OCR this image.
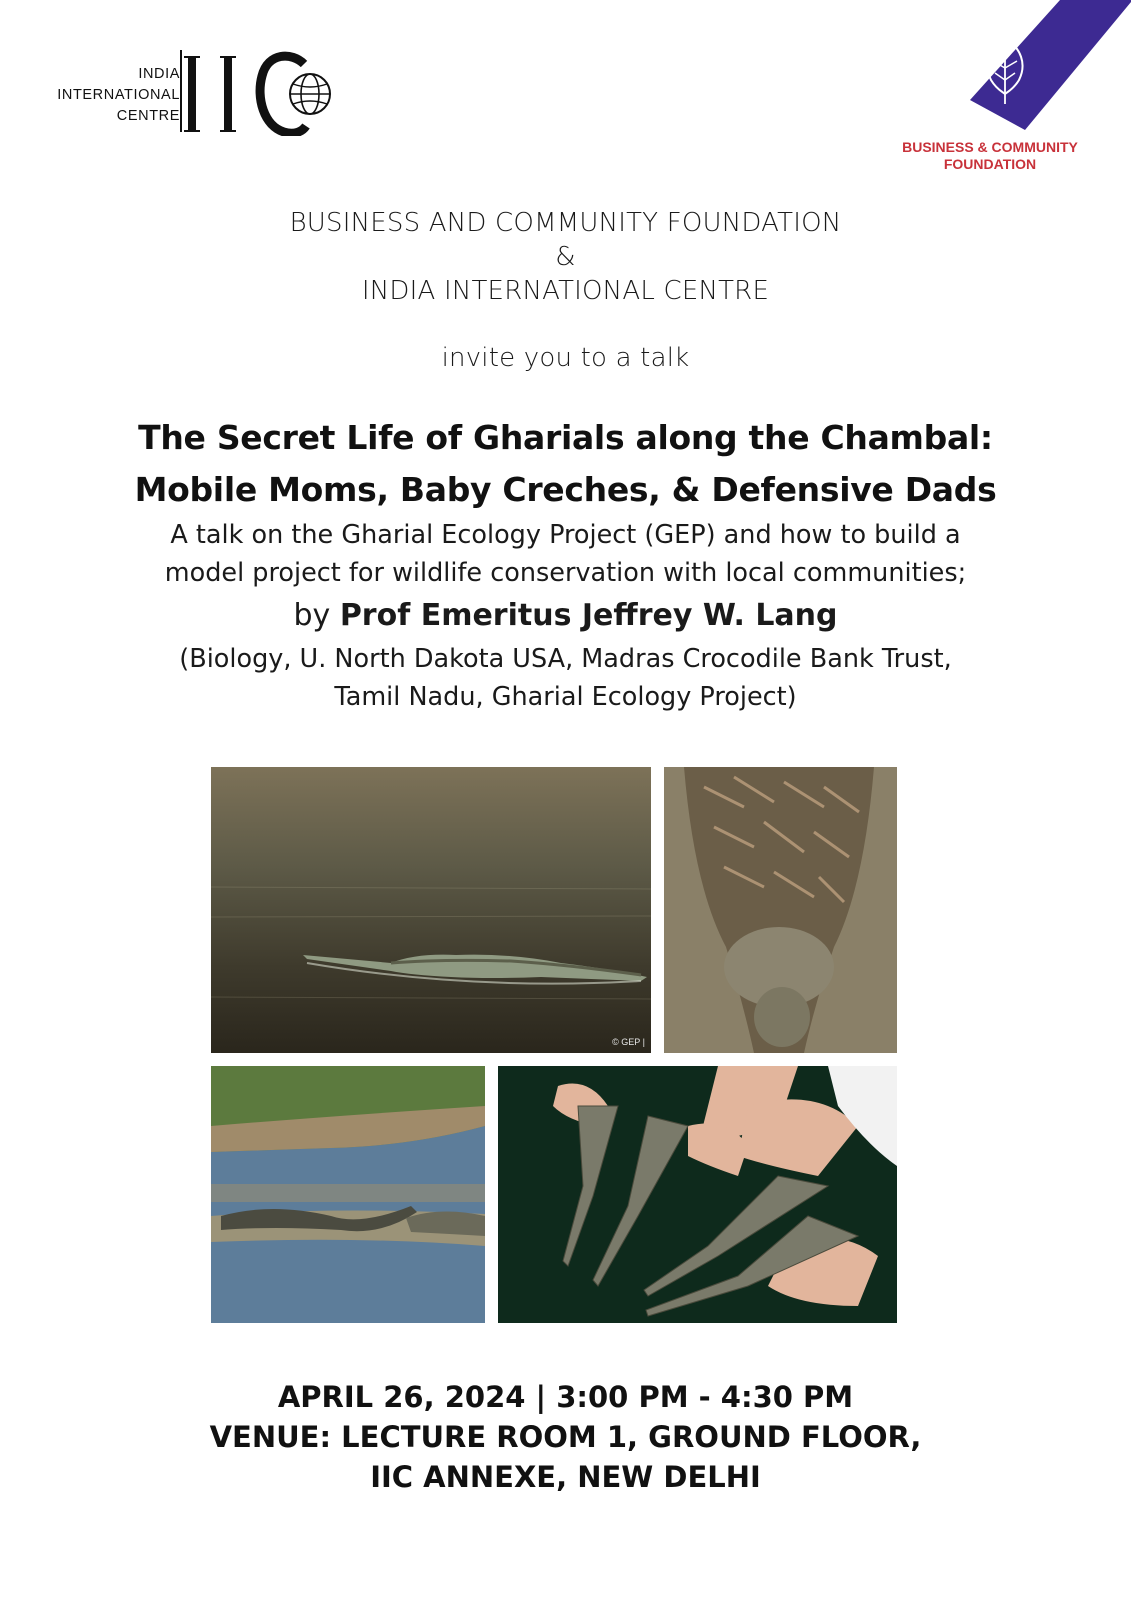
INDIA
INTERNATIONAL
CENTRE
BUSINESS & COMMUNITY
FOUNDATION
BUSINESS AND COMMUNITY FOUNDATION
&
INDIA INTERNATIONAL CENTRE
invite you to a talk
The Secret Life of Gharials along the Chambal:
Mobile Moms, Baby Creches, & Defensive Dads
A talk on the Gharial Ecology Project (GEP) and how to build a
model project for wildlife conservation with local communities;
by Prof Emeritus Jeffrey W. Lang
(Biology, U. North Dakota USA, Madras Crocodile Bank Trust,
Tamil Nadu, Gharial Ecology Project)
© GEP |
APRIL 26, 2024 | 3:00 PM - 4:30 PM
VENUE: LECTURE ROOM 1, GROUND FLOOR,
IIC ANNEXE, NEW DELHI
